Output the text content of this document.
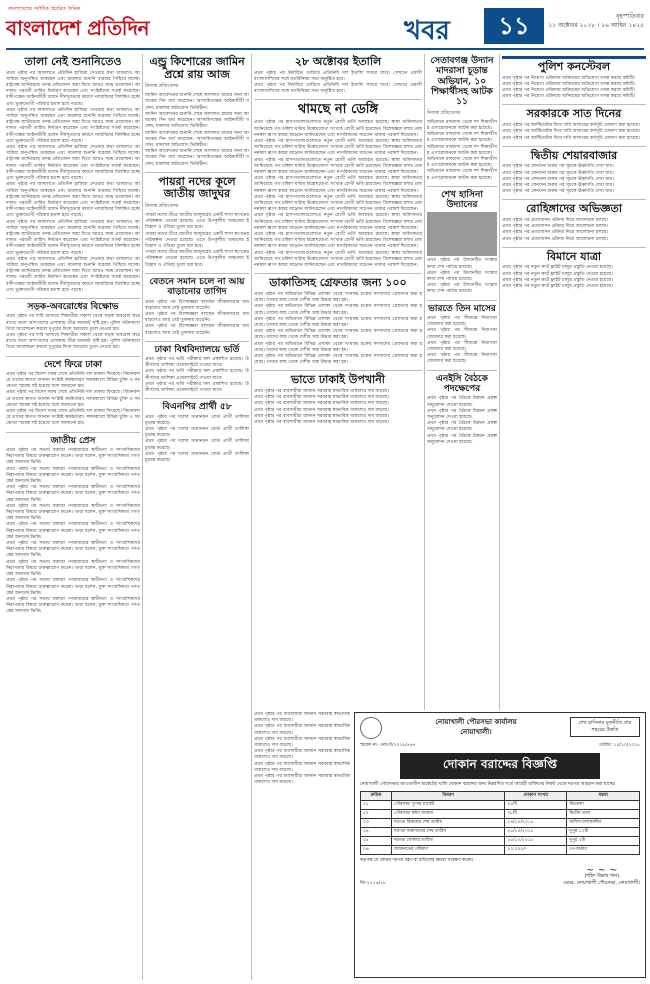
বাংলাদেশের সর্বাধিক প্রচারিত দৈনিক
বাংলাদেশ প্রতিদিন	খবর	১১	বৃহস্পতিবার
১১ অক্টোবর ২০১৮ । ২৬ আশ্বিন ১৪২৫
তালা নেই শুনানিতেও
প্রথম পৃষ্ঠার পর আদালতে প্রতিদিন হাজিরা দেওয়ার কথা থাকলেও আসামিরা অনুপস্থিত থাকছেন এবং মামলার শুনানি বারবার পিছিয়ে যাচ্ছে। রাষ্ট্রপক্ষ জানিয়েছে তদন্ত প্রতিবেদন জমা দিতে আরও সময় প্রয়োজন। আদালত পরবর্তী তারিখ নির্ধারণ করেছেন এবং সংশ্লিষ্টদের সতর্ক করেছেন। বাদীপক্ষের আইনজীবী বলেন দীর্ঘসূত্রতার কারণে ন্যায়বিচার বিলম্বিত হচ্ছে এবং ভুক্তভোগী পরিবার হতাশ হয়ে পড়ছে।
প্রথম পৃষ্ঠার পর আদালতে প্রতিদিন হাজিরা দেওয়ার কথা থাকলেও আসামিরা অনুপস্থিত থাকছেন এবং মামলার শুনানি বারবার পিছিয়ে যাচ্ছে। রাষ্ট্রপক্ষ জানিয়েছে তদন্ত প্রতিবেদন জমা দিতে আরও সময় প্রয়োজন। আদালত পরবর্তী তারিখ নির্ধারণ করেছেন এবং সংশ্লিষ্টদের সতর্ক করেছেন। বাদীপক্ষের আইনজীবী বলেন দীর্ঘসূত্রতার কারণে ন্যায়বিচার বিলম্বিত হচ্ছে এবং ভুক্তভোগী পরিবার হতাশ হয়ে পড়ছে।
প্রথম পৃষ্ঠার পর আদালতে প্রতিদিন হাজিরা দেওয়ার কথা থাকলেও আসামিরা অনুপস্থিত থাকছেন এবং মামলার শুনানি বারবার পিছিয়ে যাচ্ছে। রাষ্ট্রপক্ষ জানিয়েছে তদন্ত প্রতিবেদন জমা দিতে আরও সময় প্রয়োজন। আদালত পরবর্তী তারিখ নির্ধারণ করেছেন এবং সংশ্লিষ্টদের সতর্ক করেছেন। বাদীপক্ষের আইনজীবী বলেন দীর্ঘসূত্রতার কারণে ন্যায়বিচার বিলম্বিত হচ্ছে এবং ভুক্তভোগী পরিবার হতাশ হয়ে পড়ছে।
প্রথম পৃষ্ঠার পর আদালতে প্রতিদিন হাজিরা দেওয়ার কথা থাকলেও আসামিরা অনুপস্থিত থাকছেন এবং মামলার শুনানি বারবার পিছিয়ে যাচ্ছে। রাষ্ট্রপক্ষ জানিয়েছে তদন্ত প্রতিবেদন জমা দিতে আরও সময় প্রয়োজন। আদালত পরবর্তী তারিখ নির্ধারণ করেছেন এবং সংশ্লিষ্টদের সতর্ক করেছেন। বাদীপক্ষের আইনজীবী বলেন দীর্ঘসূত্রতার কারণে ন্যায়বিচার বিলম্বিত হচ্ছে এবং ভুক্তভোগী পরিবার হতাশ হয়ে পড়ছে।
প্রথম পৃষ্ঠার পর আদালতে প্রতিদিন হাজিরা দেওয়ার কথা থাকলেও আসামিরা অনুপস্থিত থাকছেন এবং মামলার শুনানি বারবার পিছিয়ে যাচ্ছে। রাষ্ট্রপক্ষ জানিয়েছে তদন্ত প্রতিবেদন জমা দিতে আরও সময় প্রয়োজন। আদালত পরবর্তী তারিখ নির্ধারণ করেছেন এবং সংশ্লিষ্টদের সতর্ক করেছেন। বাদীপক্ষের আইনজীবী বলেন দীর্ঘসূত্রতার কারণে ন্যায়বিচার বিলম্বিত হচ্ছে এবং ভুক্তভোগী পরিবার হতাশ হয়ে পড়ছে।
প্রথম পৃষ্ঠার পর আদালতে প্রতিদিন হাজিরা দেওয়ার কথা থাকলেও আসামিরা অনুপস্থিত থাকছেন এবং মামলার শুনানি বারবার পিছিয়ে যাচ্ছে। রাষ্ট্রপক্ষ জানিয়েছে তদন্ত প্রতিবেদন জমা দিতে আরও সময় প্রয়োজন। আদালত পরবর্তী তারিখ নির্ধারণ করেছেন এবং সংশ্লিষ্টদের সতর্ক করেছেন। বাদীপক্ষের আইনজীবী বলেন দীর্ঘসূত্রতার কারণে ন্যায়বিচার বিলম্বিত হচ্ছে এবং ভুক্তভোগী পরিবার হতাশ হয়ে পড়ছে।
সড়ক-অবরোধের বিক্ষোভ
প্রথম পৃষ্ঠার পর দাবি আদায়ে শিক্ষার্থীরা সকাল থেকে সড়ক অবরোধ করে রাখে। ফলে আশপাশের এলাকায় তীব্র যানজট সৃষ্টি হয়। পুলিশ ঘটনাস্থলে গিয়ে আলোচনা করলে দুপুরের দিকে অবরোধ তুলে নেওয়া হয়।
প্রথম পৃষ্ঠার পর দাবি আদায়ে শিক্ষার্থীরা সকাল থেকে সড়ক অবরোধ করে রাখে। ফলে আশপাশের এলাকায় তীব্র যানজট সৃষ্টি হয়। পুলিশ ঘটনাস্থলে গিয়ে আলোচনা করলে দুপুরের দিকে অবরোধ তুলে নেওয়া হয়।
দেশে ফিরে ঢাকা
প্রথম পৃষ্ঠার পর বিদেশ সফর শেষে প্রতিনিধি দল ঢাকায় ফিরেছে। বিমানবন্দরে তাদের স্বাগত জানান সংশ্লিষ্ট কর্মকর্তারা। সফরকালে বিভিন্ন চুক্তি ও সমঝোতা স্মারক সই হয়েছে বলে জানানো হয়।
প্রথম পৃষ্ঠার পর বিদেশ সফর শেষে প্রতিনিধি দল ঢাকায় ফিরেছে। বিমানবন্দরে তাদের স্বাগত জানান সংশ্লিষ্ট কর্মকর্তারা। সফরকালে বিভিন্ন চুক্তি ও সমঝোতা স্মারক সই হয়েছে বলে জানানো হয়।
প্রথম পৃষ্ঠার পর বিদেশ সফর শেষে প্রতিনিধি দল ঢাকায় ফিরেছে। বিমানবন্দরে তাদের স্বাগত জানান সংশ্লিষ্ট কর্মকর্তারা। সফরকালে বিভিন্ন চুক্তি ও সমঝোতা স্মারক সই হয়েছে বলে জানানো হয়।
জাতীয় প্রেস
প্রথম পৃষ্ঠার পর সভায় বক্তারা গণমাধ্যমের স্বাধীনতা ও সাংবাদিকদের নিরাপত্তার বিষয়ে গুরুত্বারোপ করেন। তারা বলেন, মুক্ত সাংবাদিকতা গণতন্ত্রের অন্যতম ভিত্তি।
প্রথম পৃষ্ঠার পর সভায় বক্তারা গণমাধ্যমের স্বাধীনতা ও সাংবাদিকদের নিরাপত্তার বিষয়ে গুরুত্বারোপ করেন। তারা বলেন, মুক্ত সাংবাদিকতা গণতন্ত্রের অন্যতম ভিত্তি।
প্রথম পৃষ্ঠার পর সভায় বক্তারা গণমাধ্যমের স্বাধীনতা ও সাংবাদিকদের নিরাপত্তার বিষয়ে গুরুত্বারোপ করেন। তারা বলেন, মুক্ত সাংবাদিকতা গণতন্ত্রের অন্যতম ভিত্তি।
প্রথম পৃষ্ঠার পর সভায় বক্তারা গণমাধ্যমের স্বাধীনতা ও সাংবাদিকদের নিরাপত্তার বিষয়ে গুরুত্বারোপ করেন। তারা বলেন, মুক্ত সাংবাদিকতা গণতন্ত্রের অন্যতম ভিত্তি।
প্রথম পৃষ্ঠার পর সভায় বক্তারা গণমাধ্যমের স্বাধীনতা ও সাংবাদিকদের নিরাপত্তার বিষয়ে গুরুত্বারোপ করেন। তারা বলেন, মুক্ত সাংবাদিকতা গণতন্ত্রের অন্যতম ভিত্তি।
প্রথম পৃষ্ঠার পর সভায় বক্তারা গণমাধ্যমের স্বাধীনতা ও সাংবাদিকদের নিরাপত্তার বিষয়ে গুরুত্বারোপ করেন। তারা বলেন, মুক্ত সাংবাদিকতা গণতন্ত্রের অন্যতম ভিত্তি।
প্রথম পৃষ্ঠার পর সভায় বক্তারা গণমাধ্যমের স্বাধীনতা ও সাংবাদিকদের নিরাপত্তার বিষয়ে গুরুত্বারোপ করেন। তারা বলেন, মুক্ত সাংবাদিকতা গণতন্ত্রের অন্যতম ভিত্তি।
প্রথম পৃষ্ঠার পর সভায় বক্তারা গণমাধ্যমের স্বাধীনতা ও সাংবাদিকদের নিরাপত্তার বিষয়ে গুরুত্বারোপ করেন। তারা বলেন, মুক্ত সাংবাদিকতা গণতন্ত্রের অন্যতম ভিত্তি।
প্রথম পৃষ্ঠার পর সভায় বক্তারা গণমাধ্যমের স্বাধীনতা ও সাংবাদিকদের নিরাপত্তার বিষয়ে গুরুত্বারোপ করেন। তারা বলেন, মুক্ত সাংবাদিকতা গণতন্ত্রের অন্যতম ভিত্তি।
এন্ড্রু কিশোরের জামিন প্রশ্নে রায় আজ
নিজস্ব প্রতিবেদক
জামিন আবেদনের শুনানি শেষে আদালত রায়ের জন্য আজকের দিন ধার্য করেছেন। আসামিপক্ষের আইনজীবী বলেন, মামলার অভিযোগ ভিত্তিহীন।
জামিন আবেদনের শুনানি শেষে আদালত রায়ের জন্য আজকের দিন ধার্য করেছেন। আসামিপক্ষের আইনজীবী বলেন, মামলার অভিযোগ ভিত্তিহীন।
জামিন আবেদনের শুনানি শেষে আদালত রায়ের জন্য আজকের দিন ধার্য করেছেন। আসামিপক্ষের আইনজীবী বলেন, মামলার অভিযোগ ভিত্তিহীন।
জামিন আবেদনের শুনানি শেষে আদালত রায়ের জন্য আজকের দিন ধার্য করেছেন। আসামিপক্ষের আইনজীবী বলেন, মামলার অভিযোগ ভিত্তিহীন।
পায়রা নদের কূলে জাতীয় জাদুঘর
নিজস্ব প্রতিবেদক
পায়রা নদের তীরে জাতীয় জাদুঘরের একটি শাখা স্থাপনের পরিকল্পনা নেওয়া হয়েছে। এতে উপকূলীয় অঞ্চলের ইতিহাস ও ঐতিহ্য তুলে ধরা হবে।
পায়রা নদের তীরে জাতীয় জাদুঘরের একটি শাখা স্থাপনের পরিকল্পনা নেওয়া হয়েছে। এতে উপকূলীয় অঞ্চলের ইতিহাস ও ঐতিহ্য তুলে ধরা হবে।
পায়রা নদের তীরে জাতীয় জাদুঘরের একটি শাখা স্থাপনের পরিকল্পনা নেওয়া হয়েছে। এতে উপকূলীয় অঞ্চলের ইতিহাস ও ঐতিহ্য তুলে ধরা হবে।
বেতনে সমান চলে না আয় বাড়ানোর তাগিদ
প্রথম পৃষ্ঠার পর বিশেষজ্ঞরা বলছেন জীবনযাত্রার ব্যয় বাড়লেও আয় সেই তুলনায় বাড়েনি।
প্রথম পৃষ্ঠার পর বিশেষজ্ঞরা বলছেন জীবনযাত্রার ব্যয় বাড়লেও আয় সেই তুলনায় বাড়েনি।
প্রথম পৃষ্ঠার পর বিশেষজ্ঞরা বলছেন জীবনযাত্রার ব্যয় বাড়লেও আয় সেই তুলনায় বাড়েনি।
ঢাকা বিশ্ববিদ্যালয়ে ভর্তি
প্রথম পৃষ্ঠার পর ভর্তি পরীক্ষার ফল প্রকাশিত হয়েছে। উত্তীর্ণদের তালিকা ওয়েবসাইটে পাওয়া যাবে।
প্রথম পৃষ্ঠার পর ভর্তি পরীক্ষার ফল প্রকাশিত হয়েছে। উত্তীর্ণদের তালিকা ওয়েবসাইটে পাওয়া যাবে।
প্রথম পৃষ্ঠার পর ভর্তি পরীক্ষার ফল প্রকাশিত হয়েছে। উত্তীর্ণদের তালিকা ওয়েবসাইটে পাওয়া যাবে।
বিএনপির প্রার্থী ৫৮
প্রথম পৃষ্ঠার পর দলের মনোনয়ন বোর্ড প্রার্থী তালিকা চূড়ান্ত করেছে।
প্রথম পৃষ্ঠার পর দলের মনোনয়ন বোর্ড প্রার্থী তালিকা চূড়ান্ত করেছে।
প্রথম পৃষ্ঠার পর দলের মনোনয়ন বোর্ড প্রার্থী তালিকা চূড়ান্ত করেছে।
প্রথম পৃষ্ঠার পর দলের মনোনয়ন বোর্ড প্রার্থী তালিকা চূড়ান্ত করেছে।
২৮ অক্টোবর ইতালি
প্রথম পৃষ্ঠার পর নির্ধারিত তারিখে প্রতিনিধি দল ইতালি সফরে যাবে। সেখানে প্রবাসী বাংলাদেশিদের সঙ্গে মতবিনিময় সভা অনুষ্ঠিত হবে।
প্রথম পৃষ্ঠার পর নির্ধারিত তারিখে প্রতিনিধি দল ইতালি সফরে যাবে। সেখানে প্রবাসী বাংলাদেশিদের সঙ্গে মতবিনিময় সভা অনুষ্ঠিত হবে।
থামছে না ডেঙ্গি
প্রথম পৃষ্ঠার পর হাসপাতালগুলোতে নতুন রোগী ভর্তি অব্যাহত রয়েছে। স্বাস্থ্য অধিদফতর জানিয়েছে গত চব্বিশ ঘণ্টায় উল্লেখযোগ্য সংখ্যক রোগী ভর্তি হয়েছেন। বিশেষজ্ঞরা মশার প্রজননস্থল ধ্বংস করার আহ্বান জানিয়েছেন এবং নাগরিকদের সচেতন থাকার পরামর্শ দিয়েছেন।
প্রথম পৃষ্ঠার পর হাসপাতালগুলোতে নতুন রোগী ভর্তি অব্যাহত রয়েছে। স্বাস্থ্য অধিদফতর জানিয়েছে গত চব্বিশ ঘণ্টায় উল্লেখযোগ্য সংখ্যক রোগী ভর্তি হয়েছেন। বিশেষজ্ঞরা মশার প্রজননস্থল ধ্বংস করার আহ্বান জানিয়েছেন এবং নাগরিকদের সচেতন থাকার পরামর্শ দিয়েছেন।
প্রথম পৃষ্ঠার পর হাসপাতালগুলোতে নতুন রোগী ভর্তি অব্যাহত রয়েছে। স্বাস্থ্য অধিদফতর জানিয়েছে গত চব্বিশ ঘণ্টায় উল্লেখযোগ্য সংখ্যক রোগী ভর্তি হয়েছেন। বিশেষজ্ঞরা মশার প্রজননস্থল ধ্বংস করার আহ্বান জানিয়েছেন এবং নাগরিকদের সচেতন থাকার পরামর্শ দিয়েছেন।
প্রথম পৃষ্ঠার পর হাসপাতালগুলোতে নতুন রোগী ভর্তি অব্যাহত রয়েছে। স্বাস্থ্য অধিদফতর জানিয়েছে গত চব্বিশ ঘণ্টায় উল্লেখযোগ্য সংখ্যক রোগী ভর্তি হয়েছেন। বিশেষজ্ঞরা মশার প্রজননস্থল ধ্বংস করার আহ্বান জানিয়েছেন এবং নাগরিকদের সচেতন থাকার পরামর্শ দিয়েছেন।
প্রথম পৃষ্ঠার পর হাসপাতালগুলোতে নতুন রোগী ভর্তি অব্যাহত রয়েছে। স্বাস্থ্য অধিদফতর জানিয়েছে গত চব্বিশ ঘণ্টায় উল্লেখযোগ্য সংখ্যক রোগী ভর্তি হয়েছেন। বিশেষজ্ঞরা মশার প্রজননস্থল ধ্বংস করার আহ্বান জানিয়েছেন এবং নাগরিকদের সচেতন থাকার পরামর্শ দিয়েছেন।
প্রথম পৃষ্ঠার পর হাসপাতালগুলোতে নতুন রোগী ভর্তি অব্যাহত রয়েছে। স্বাস্থ্য অধিদফতর জানিয়েছে গত চব্বিশ ঘণ্টায় উল্লেখযোগ্য সংখ্যক রোগী ভর্তি হয়েছেন। বিশেষজ্ঞরা মশার প্রজননস্থল ধ্বংস করার আহ্বান জানিয়েছেন এবং নাগরিকদের সচেতন থাকার পরামর্শ দিয়েছেন।
প্রথম পৃষ্ঠার পর হাসপাতালগুলোতে নতুন রোগী ভর্তি অব্যাহত রয়েছে। স্বাস্থ্য অধিদফতর জানিয়েছে গত চব্বিশ ঘণ্টায় উল্লেখযোগ্য সংখ্যক রোগী ভর্তি হয়েছেন। বিশেষজ্ঞরা মশার প্রজননস্থল ধ্বংস করার আহ্বান জানিয়েছেন এবং নাগরিকদের সচেতন থাকার পরামর্শ দিয়েছেন।
প্রথম পৃষ্ঠার পর হাসপাতালগুলোতে নতুন রোগী ভর্তি অব্যাহত রয়েছে। স্বাস্থ্য অধিদফতর জানিয়েছে গত চব্বিশ ঘণ্টায় উল্লেখযোগ্য সংখ্যক রোগী ভর্তি হয়েছেন। বিশেষজ্ঞরা মশার প্রজননস্থল ধ্বংস করার আহ্বান জানিয়েছেন এবং নাগরিকদের সচেতন থাকার পরামর্শ দিয়েছেন।
ডাকাতিসহ গ্রেফতার জন্য ১০০
প্রথম পৃষ্ঠার পর অভিযানে বিভিন্ন এলাকা থেকে সংঘবদ্ধ চক্রের সদস্যদের গ্রেফতার করা হয়েছে। তাদের কাছ থেকে দেশীয় অস্ত্র উদ্ধার করা হয়।
প্রথম পৃষ্ঠার পর অভিযানে বিভিন্ন এলাকা থেকে সংঘবদ্ধ চক্রের সদস্যদের গ্রেফতার করা হয়েছে। তাদের কাছ থেকে দেশীয় অস্ত্র উদ্ধার করা হয়।
প্রথম পৃষ্ঠার পর অভিযানে বিভিন্ন এলাকা থেকে সংঘবদ্ধ চক্রের সদস্যদের গ্রেফতার করা হয়েছে। তাদের কাছ থেকে দেশীয় অস্ত্র উদ্ধার করা হয়।
প্রথম পৃষ্ঠার পর অভিযানে বিভিন্ন এলাকা থেকে সংঘবদ্ধ চক্রের সদস্যদের গ্রেফতার করা হয়েছে। তাদের কাছ থেকে দেশীয় অস্ত্র উদ্ধার করা হয়।
প্রথম পৃষ্ঠার পর অভিযানে বিভিন্ন এলাকা থেকে সংঘবদ্ধ চক্রের সদস্যদের গ্রেফতার করা হয়েছে। তাদের কাছ থেকে দেশীয় অস্ত্র উদ্ধার করা হয়।
প্রথম পৃষ্ঠার পর অভিযানে বিভিন্ন এলাকা থেকে সংঘবদ্ধ চক্রের সদস্যদের গ্রেফতার করা হয়েছে। তাদের কাছ থেকে দেশীয় অস্ত্র উদ্ধার করা হয়।
ভাতে ঢাকাই উপখানী
প্রথম পৃষ্ঠার পর ব্যবসায়ীরা জানান সরবরাহ স্বাভাবিক থাকলেও দাম বাড়ছে।
প্রথম পৃষ্ঠার পর ব্যবসায়ীরা জানান সরবরাহ স্বাভাবিক থাকলেও দাম বাড়ছে।
প্রথম পৃষ্ঠার পর ব্যবসায়ীরা জানান সরবরাহ স্বাভাবিক থাকলেও দাম বাড়ছে।
প্রথম পৃষ্ঠার পর ব্যবসায়ীরা জানান সরবরাহ স্বাভাবিক থাকলেও দাম বাড়ছে।
প্রথম পৃষ্ঠার পর ব্যবসায়ীরা জানান সরবরাহ স্বাভাবিক থাকলেও দাম বাড়ছে।
প্রথম পৃষ্ঠার পর ব্যবসায়ীরা জানান সরবরাহ স্বাভাবিক থাকলেও দাম বাড়ছে।
সেতাবগঞ্জ উদ্যান মাদরাসা চূড়ান্ত অভিযান, ১০ শিক্ষার্থীসহ আটক ১১
নিজস্ব প্রতিবেদক
অভিযানে মাদরাসা থেকে দশ শিক্ষার্থীসহ এগারোজনকে আটক করা হয়েছে।
অভিযানে মাদরাসা থেকে দশ শিক্ষার্থীসহ এগারোজনকে আটক করা হয়েছে।
অভিযানে মাদরাসা থেকে দশ শিক্ষার্থীসহ এগারোজনকে আটক করা হয়েছে।
অভিযানে মাদরাসা থেকে দশ শিক্ষার্থীসহ এগারোজনকে আটক করা হয়েছে।
অভিযানে মাদরাসা থেকে দশ শিক্ষার্থীসহ এগারোজনকে আটক করা হয়েছে।
শেখ হাসিনা উদ্যানের
প্রথম পৃষ্ঠার পর উদ্যানটির সংস্কার কাজ শেষ পর্যায়ে রয়েছে।
প্রথম পৃষ্ঠার পর উদ্যানটির সংস্কার কাজ শেষ পর্যায়ে রয়েছে।
প্রথম পৃষ্ঠার পর উদ্যানটির সংস্কার কাজ শেষ পর্যায়ে রয়েছে।
ভারতে তিন মাসের
প্রথম পৃষ্ঠার পর সীমান্তে নিরাপত্তা জোরদার করা হয়েছে।
প্রথম পৃষ্ঠার পর সীমান্তে নিরাপত্তা জোরদার করা হয়েছে।
প্রথম পৃষ্ঠার পর সীমান্তে নিরাপত্তা জোরদার করা হয়েছে।
প্রথম পৃষ্ঠার পর সীমান্তে নিরাপত্তা জোরদার করা হয়েছে।
এনইসি বৈঠকে পদক্ষেপের
প্রথম পৃষ্ঠার পর বৈঠকে উন্নয়ন প্রকল্প অনুমোদন দেওয়া হয়েছে।
প্রথম পৃষ্ঠার পর বৈঠকে উন্নয়ন প্রকল্প অনুমোদন দেওয়া হয়েছে।
প্রথম পৃষ্ঠার পর বৈঠকে উন্নয়ন প্রকল্প অনুমোদন দেওয়া হয়েছে।
প্রথম পৃষ্ঠার পর বৈঠকে উন্নয়ন প্রকল্প অনুমোদন দেওয়া হয়েছে।
পুলিশ কনস্টেবল
প্রথম পৃষ্ঠার পর নিয়োগ প্রক্রিয়ায় অনিয়মের অভিযোগ তদন্ত করছে কমিটি।
প্রথম পৃষ্ঠার পর নিয়োগ প্রক্রিয়ায় অনিয়মের অভিযোগ তদন্ত করছে কমিটি।
প্রথম পৃষ্ঠার পর নিয়োগ প্রক্রিয়ায় অনিয়মের অভিযোগ তদন্ত করছে কমিটি।
প্রথম পৃষ্ঠার পর নিয়োগ প্রক্রিয়ায় অনিয়মের অভিযোগ তদন্ত করছে কমিটি।
সরকারকে সাত দিনের
প্রথম পৃষ্ঠার পর আল্টিমেটাম দিয়ে দাবি আদায়ের কর্মসূচি ঘোষণা করা হয়েছে।
প্রথম পৃষ্ঠার পর আল্টিমেটাম দিয়ে দাবি আদায়ের কর্মসূচি ঘোষণা করা হয়েছে।
প্রথম পৃষ্ঠার পর আল্টিমেটাম দিয়ে দাবি আদায়ের কর্মসূচি ঘোষণা করা হয়েছে।
দ্বিতীয় শেয়ারবাজার
প্রথম পৃষ্ঠার পর লেনদেন শুরুর পর সূচকে ঊর্ধ্বগতি দেখা যায়।
প্রথম পৃষ্ঠার পর লেনদেন শুরুর পর সূচকে ঊর্ধ্বগতি দেখা যায়।
প্রথম পৃষ্ঠার পর লেনদেন শুরুর পর সূচকে ঊর্ধ্বগতি দেখা যায়।
প্রথম পৃষ্ঠার পর লেনদেন শুরুর পর সূচকে ঊর্ধ্বগতি দেখা যায়।
প্রথম পৃষ্ঠার পর লেনদেন শুরুর পর সূচকে ঊর্ধ্বগতি দেখা যায়।
রোহিঙ্গাদের অভিজ্ঞতা
প্রথম পৃষ্ঠার পর প্রত্যাবাসন প্রক্রিয়া নিয়ে আলোচনা চলছে।
প্রথম পৃষ্ঠার পর প্রত্যাবাসন প্রক্রিয়া নিয়ে আলোচনা চলছে।
প্রথম পৃষ্ঠার পর প্রত্যাবাসন প্রক্রিয়া নিয়ে আলোচনা চলছে।
প্রথম পৃষ্ঠার পর প্রত্যাবাসন প্রক্রিয়া নিয়ে আলোচনা চলছে।
বিমানে যাত্রা
প্রথম পৃষ্ঠার পর নতুন রুটে ফ্লাইট চালুর প্রস্তুতি নেওয়া হয়েছে।
প্রথম পৃষ্ঠার পর নতুন রুটে ফ্লাইট চালুর প্রস্তুতি নেওয়া হয়েছে।
প্রথম পৃষ্ঠার পর নতুন রুটে ফ্লাইট চালুর প্রস্তুতি নেওয়া হয়েছে।
প্রথম পৃষ্ঠার পর নতুন রুটে ফ্লাইট চালুর প্রস্তুতি নেওয়া হয়েছে।
প্রথম পৃষ্ঠার পর ব্যবসায়ীরা জানান সরবরাহ স্বাভাবিক থাকলেও দাম বাড়ছে।
প্রথম পৃষ্ঠার পর ব্যবসায়ীরা জানান সরবরাহ স্বাভাবিক থাকলেও দাম বাড়ছে।
প্রথম পৃষ্ঠার পর ব্যবসায়ীরা জানান সরবরাহ স্বাভাবিক থাকলেও দাম বাড়ছে।
প্রথম পৃষ্ঠার পর ব্যবসায়ীরা জানান সরবরাহ স্বাভাবিক থাকলেও দাম বাড়ছে।
প্রথম পৃষ্ঠার পর ব্যবসায়ীরা জানান সরবরাহ স্বাভাবিক থাকলেও দাম বাড়ছে।
প্রথম পৃষ্ঠার পর ব্যবসায়ীরা জানান সরবরাহ স্বাভাবিক থাকলেও দাম বাড়ছে।
নোয়াখালী পৌরসভা কার্যালয়
নোয়াখালী।
শেখ হাসিনার মূলনীতি গ্রাম শহরের উন্নতি
স্মারক নং- নোপৌ/২০১৮/৫৬৭	তারিখ: ১০/১০/২০১৮
দোকান বরাদ্দের বিজ্ঞপ্তি
নোয়াখালী পৌরসভার আওতাধীন মার্কেটের খালি দোকান বরাদ্দের জন্য নিম্নবর্ণিত শর্তে আগ্রহী ব্যক্তিদের নিকট থেকে দরপত্র আহ্বান করা যাচ্ছে।
ক্রমিক	বিবরণ	দোকান সংখ্যা	মন্তব্য
০১	পৌরসভা সুপার মার্কেট	০৫টি	নিচতলা
০২	পৌরসভা কাঁচা বাজার	০৮টি	দ্বিতীয় তলা
০৩	দরপত্র বিক্রয়ের শেষ তারিখ	২৪/১০/২০১৮	অফিস চলাকালীন
০৪	দরপত্র জমাদানের শেষ তারিখ	২৫/১০/২০১৮	দুপুর ১২টা
০৫	দরপত্র খোলার তারিখ	২৫/১০/২০১৮	দুপুর ২টা
০৬	জামানতের পরিমাণ	২০,০০০/-	পে-অর্ডার
কর্তৃপক্ষ যে কোনো দরপত্র গ্রহণ বা বাতিলের ক্ষমতা সংরক্ষণ করেন।
জি-২২১৬/১৮
~ ~ ~
(শহিদ উল্লাহ খান)
মেয়র, নোয়াখালী পৌরসভা, নোয়াখালী।
